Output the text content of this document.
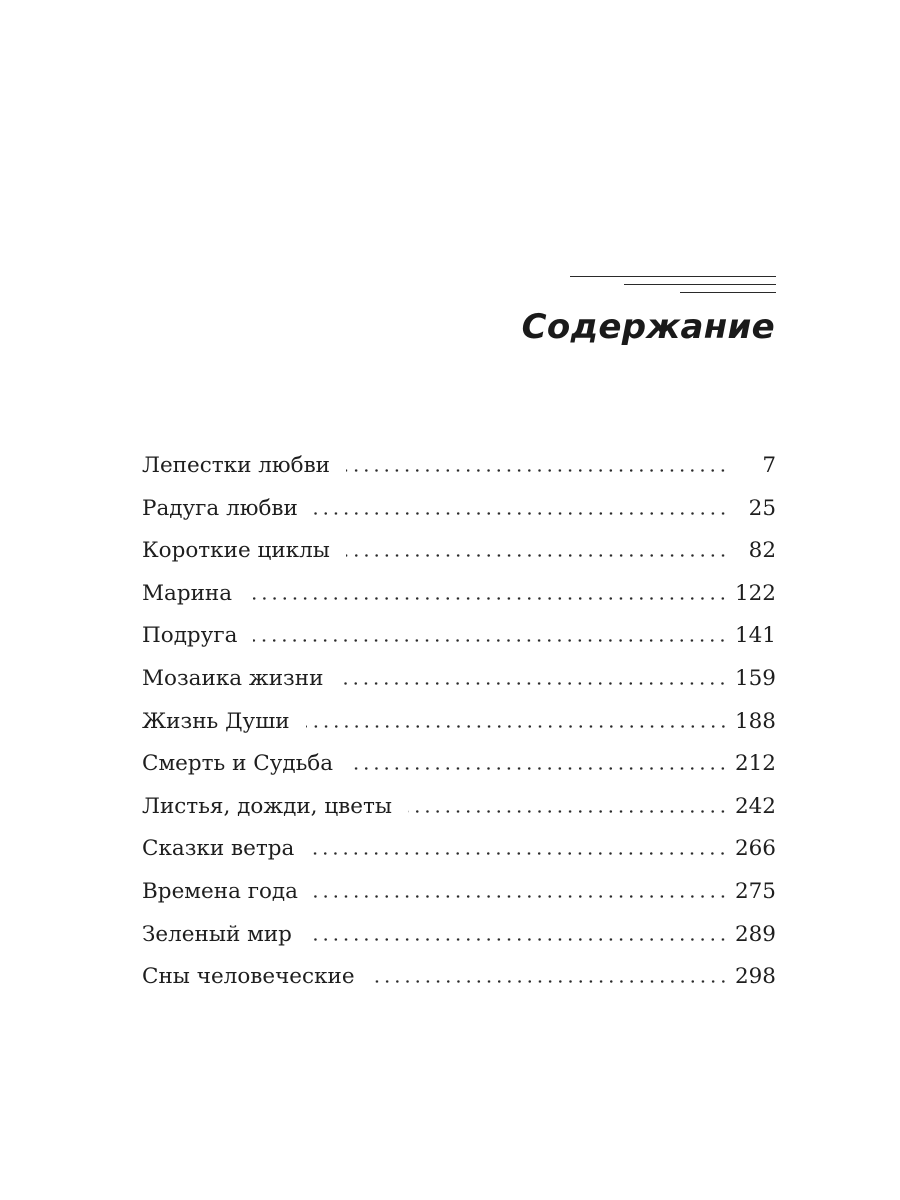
Содержание
Лепестки любви	7
Радуга любви	25
Короткие циклы	82
Марина	122
Подруга	141
Мозаика жизни	159
Жизнь Души	188
Смерть и Судьба	212
Листья, дожди, цветы	242
Сказки ветра	266
Времена года	275
Зеленый мир	289
Сны человеческие	298
